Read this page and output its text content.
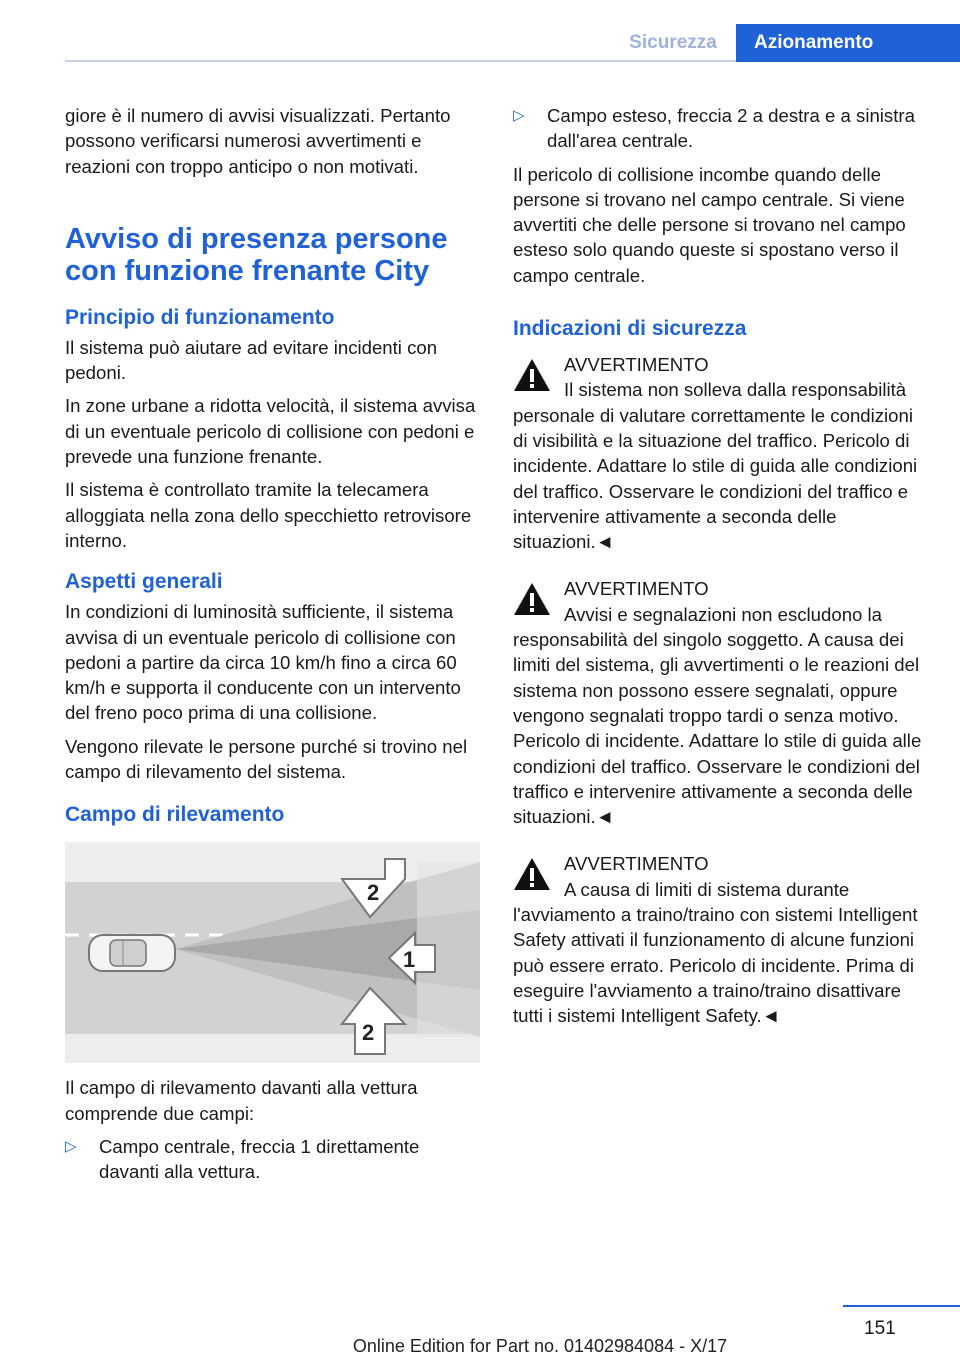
Sicurezza	Azionamento

giore è il numero di avvisi visualizzati. Pertanto possono verificarsi numerosi avvertimenti e reazioni con troppo anticipo o non motivati.

Avviso di presenza persone con funzione frenante City
Principio di funzionamento

Il sistema può aiutare ad evitare incidenti con pedoni.

In zone urbane a ridotta velocità, il sistema avvisa di un eventuale pericolo di collisione con pedoni e prevede una funzione frenante.

Il sistema è controllato tramite la telecamera alloggiata nella zona dello specchietto retrovisore interno.

Aspetti generali

In condizioni di luminosità sufficiente, il sistema avvisa di un eventuale pericolo di collisione con pedoni a partire da circa 10 km/h fino a circa 60 km/h e supporta il conducente con un intervento del freno poco prima di una collisione.

Vengono rilevate le persone purché si trovino nel campo di rilevamento del sistema.

Campo di rilevamento
2
1
2

Il campo di rilevamento davanti alla vettura comprende due campi:

▷ Campo centrale, freccia 1 direttamente davanti alla vettura.
▷ Campo esteso, freccia 2 a destra e a sinistra dall'area centrale.

Il pericolo di collisione incombe quando delle persone si trovano nel campo centrale. Si viene avvertiti che delle persone si trovano nel campo esteso solo quando queste si spostano verso il campo centrale.

Indicazioni di sicurezza
AVVERTIMENTO
Il sistema non solleva dalla responsabilità personale di valutare correttamente le condizioni di visibilità e la situazione del traffico. Pericolo di incidente. Adattare lo stile di guida alle condizioni del traffico. Osservare le condizioni del traffico e intervenire attivamente a seconda delle situazioni.◄
AVVERTIMENTO
Avvisi e segnalazioni non escludono la responsabilità del singolo soggetto. A causa dei limiti del sistema, gli avvertimenti o le reazioni del sistema non possono essere segnalati, oppure vengono segnalati troppo tardi o senza motivo. Pericolo di incidente. Adattare lo stile di guida alle condizioni del traffico. Osservare le condizioni del traffico e intervenire attivamente a seconda delle situazioni.◄
AVVERTIMENTO
A causa di limiti di sistema durante l'avviamento a traino/traino con sistemi Intelligent Safety attivati il funzionamento di alcune funzioni può essere errato. Pericolo di incidente. Prima di eseguire l'avviamento a traino/traino disattivare tutti i sistemi Intelligent Safety.◄
151
Online Edition for Part no. 01402984084 - X/17
